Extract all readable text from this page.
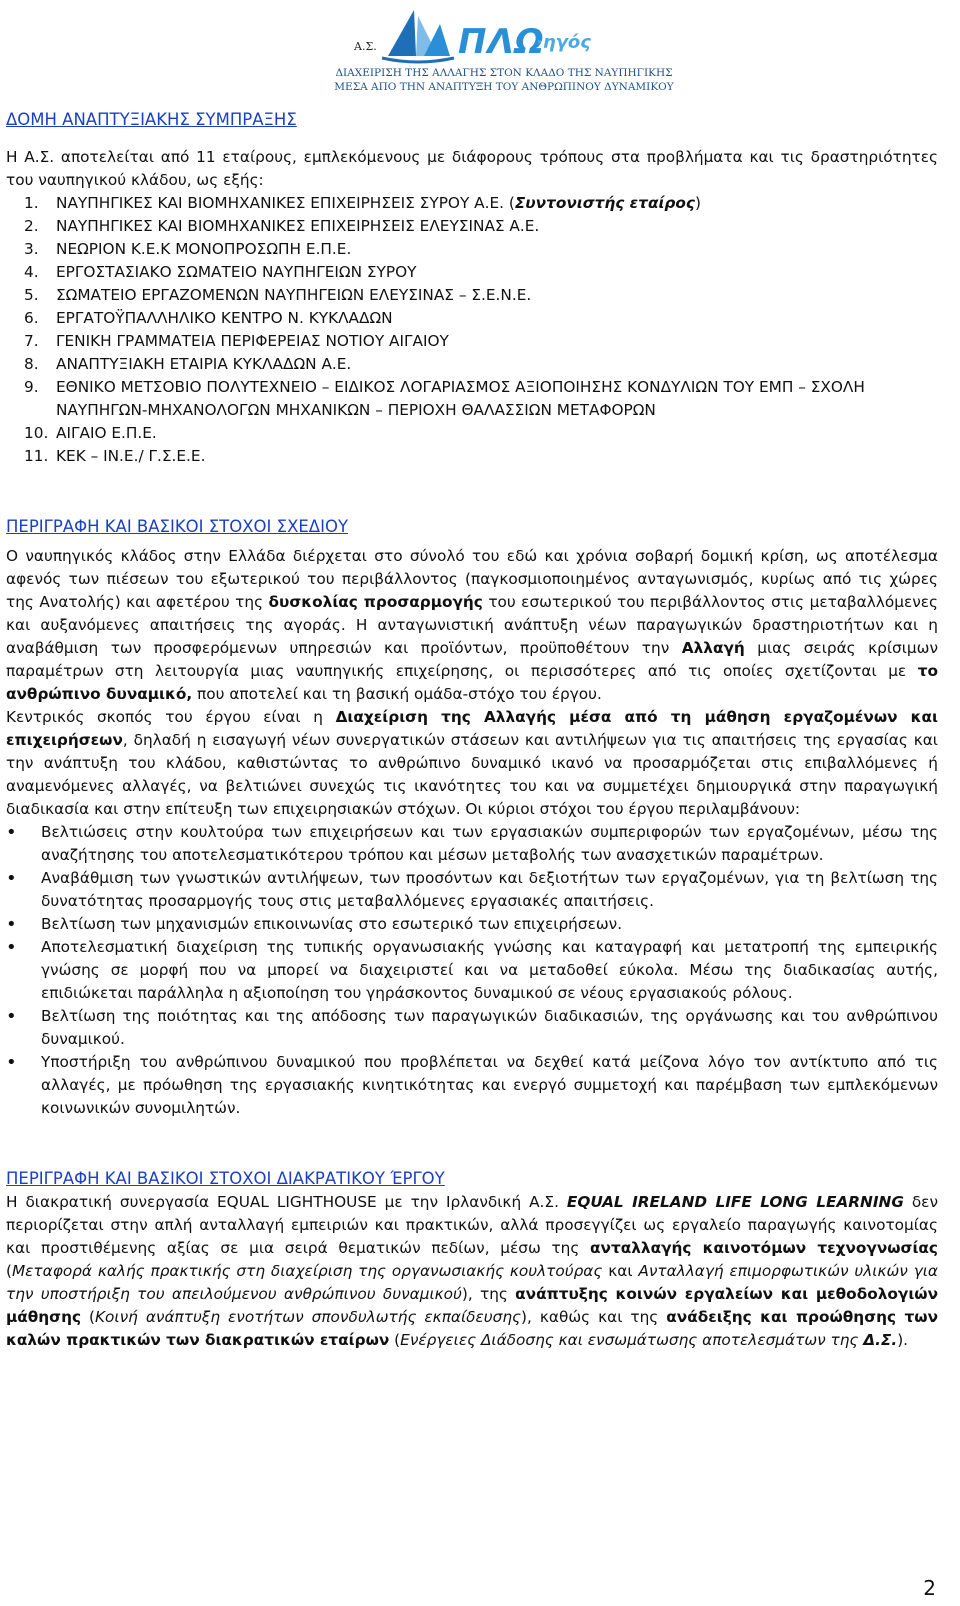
Α.Σ. ΠΛΩ
·ηγός
ΔΙΑΧΕΙΡΙΣΗ ΤΗΣ ΑΛΛΑΓΗΣ ΣΤΟΝ ΚΛΑΔΟ ΤΗΣ ΝΑΥΠΗΓΙΚΗΣ
ΜΕΣΑ ΑΠΟ ΤΗΝ ΑΝΑΠΤΥΞΗ ΤΟΥ ΑΝΘΡΩΠΙΝΟΥ ΔΥΝΑΜΙΚΟΥ
ΔΟΜΗ ΑΝΑΠΤΥΞΙΑΚΗΣ ΣΥΜΠΡΑΞΗΣ

Η Α.Σ. αποτελείται από 11 εταίρους, εμπλεκόμενους με διάφορους τρόπους στα προβλήματα και τις δραστηριότητες του ναυπηγικού κλάδου, ως εξής:

1.	ΝΑΥΠΗΓΙΚΕΣ ΚΑΙ ΒΙΟΜΗΧΑΝΙΚΕΣ ΕΠΙΧΕΙΡΗΣΕΙΣ ΣΥΡΟΥ Α.Ε. (Συντονιστής εταίρος)
2.	ΝΑΥΠΗΓΙΚΕΣ ΚΑΙ ΒΙΟΜΗΧΑΝΙΚΕΣ ΕΠΙΧΕΙΡΗΣΕΙΣ ΕΛΕΥΣΙΝΑΣ Α.Ε.
3.	ΝΕΩΡΙΟΝ Κ.Ε.Κ ΜΟΝΟΠΡΟΣΩΠΗ Ε.Π.Ε.
4.	ΕΡΓΟΣΤΑΣΙΑΚΟ ΣΩΜΑΤΕΙΟ ΝΑΥΠΗΓΕΙΩΝ ΣΥΡΟΥ
5.	ΣΩΜΑΤΕΙΟ ΕΡΓΑΖΟΜΕΝΩΝ ΝΑΥΠΗΓΕΙΩΝ ΕΛΕΥΣΙΝΑΣ – Σ.Ε.Ν.Ε.
6.	ΕΡΓΑΤΟΫΠΑΛΛΗΛΙΚΟ ΚΕΝΤΡΟ Ν. ΚΥΚΛΑΔΩΝ
7.	ΓΕΝΙΚΗ ΓΡΑΜΜΑΤΕΙΑ ΠΕΡΙΦΕΡΕΙΑΣ ΝΟΤΙΟΥ ΑΙΓΑΙΟΥ
8.	ΑΝΑΠΤΥΞΙΑΚΗ ΕΤΑΙΡΙΑ ΚΥΚΛΑΔΩΝ Α.Ε.
9.	ΕΘΝΙΚΟ ΜΕΤΣΟΒΙΟ ΠΟΛΥΤΕΧΝΕΙΟ – ΕΙΔΙΚΟΣ ΛΟΓΑΡΙΑΣΜΟΣ ΑΞΙΟΠΟΙΗΣΗΣ ΚΟΝΔΥΛΙΩΝ ΤΟΥ ΕΜΠ – ΣΧΟΛΗ ΝΑΥΠΗΓΩΝ-ΜΗΧΑΝΟΛΟΓΩΝ ΜΗΧΑΝΙΚΩΝ – ΠΕΡΙΟΧΗ ΘΑΛΑΣΣΙΩΝ ΜΕΤΑΦΟΡΩΝ
10. ΑΙΓΑΙΟ Ε.Π.Ε.
11. ΚΕΚ – ΙΝ.Ε./ Γ.Σ.Ε.Ε.
ΠΕΡΙΓΡΑΦΗ ΚΑΙ ΒΑΣΙΚΟΙ ΣΤΟΧΟΙ ΣΧΕΔΙΟΥ

Ο ναυπηγικός κλάδος στην Ελλάδα διέρχεται στο σύνολό του εδώ και χρόνια σοβαρή δομική κρίση, ως αποτέλεσμα αφενός των πιέσεων του εξωτερικού του περιβάλλοντος (παγκοσμιοποιημένος ανταγωνισμός, κυρίως από τις χώρες της Ανατολής) και αφετέρου της δυσκολίας προσαρμογής του εσωτερικού του περιβάλλοντος στις μεταβαλλόμενες και αυξανόμενες απαιτήσεις της αγοράς. Η ανταγωνιστική ανάπτυξη νέων παραγωγικών δραστηριοτήτων και η αναβάθμιση των προσφερόμενων υπηρεσιών και προϊόντων, προϋποθέτουν την Αλλαγή μιας σειράς κρίσιμων παραμέτρων στη λειτουργία μιας ναυπηγικής επιχείρησης, οι περισσότερες από τις οποίες σχετίζονται με το ανθρώπινο δυναμικό, που αποτελεί και τη βασική ομάδα-στόχο του έργου.

Κεντρικός σκοπός του έργου είναι η Διαχείριση της Αλλαγής μέσα από τη μάθηση εργαζομένων και επιχειρήσεων, δηλαδή η εισαγωγή νέων συνεργατικών στάσεων και αντιλήψεων για τις απαιτήσεις της εργασίας και την ανάπτυξη του κλάδου, καθιστώντας το ανθρώπινο δυναμικό ικανό να προσαρμόζεται στις επιβαλλόμενες ή αναμενόμενες αλλαγές, να βελτιώνει συνεχώς τις ικανότητες του και να συμμετέχει δημιουργικά στην παραγωγική διαδικασία και στην επίτευξη των επιχειρησιακών στόχων. Οι κύριοι στόχοι του έργου περιλαμβάνουν:

•	Βελτιώσεις στην κουλτούρα των επιχειρήσεων και των εργασιακών συμπεριφορών των εργαζομένων, μέσω της αναζήτησης του αποτελεσματικότερου τρόπου και μέσων μεταβολής των ανασχετικών παραμέτρων.
•	Αναβάθμιση των γνωστικών αντιλήψεων, των προσόντων και δεξιοτήτων των εργαζομένων, για τη βελτίωση της δυνατότητας προσαρμογής τους στις μεταβαλλόμενες εργασιακές απαιτήσεις.
•	Βελτίωση των μηχανισμών επικοινωνίας στο εσωτερικό των επιχειρήσεων.
•	Αποτελεσματική διαχείριση της τυπικής οργανωσιακής γνώσης και καταγραφή και μετατροπή της εμπειρικής γνώσης σε μορφή που να μπορεί να διαχειριστεί και να μεταδοθεί εύκολα. Μέσω της διαδικασίας αυτής, επιδιώκεται παράλληλα η αξιοποίηση του γηράσκοντος δυναμικού σε νέους εργασιακούς ρόλους.
•	Βελτίωση της ποιότητας και της απόδοσης των παραγωγικών διαδικασιών, της οργάνωσης και του ανθρώπινου δυναμικού.
•	Υποστήριξη του ανθρώπινου δυναμικού που προβλέπεται να δεχθεί κατά μείζονα λόγο τον αντίκτυπο από τις αλλαγές, με πρόωθηση της εργασιακής κινητικότητας και ενεργό συμμετοχή και παρέμβαση των εμπλεκόμενων κοινωνικών συνομιλητών.
ΠΕΡΙΓΡΑΦΗ ΚΑΙ ΒΑΣΙΚΟΙ ΣΤΟΧΟΙ ΔΙΑΚΡΑΤΙΚΟΥ ΈΡΓΟΥ

Η διακρατική συνεργασία EQUAL LIGHTHOUSE με την Ιρλανδική Α.Σ. EQUAL IRELAND LIFE LONG LEARNING δεν περιορίζεται στην απλή ανταλλαγή εμπειριών και πρακτικών, αλλά προσεγγίζει ως εργαλείο παραγωγής καινοτομίας και προστιθέμενης αξίας σε μια σειρά θεματικών πεδίων, μέσω της ανταλλαγής καινοτόμων τεχνογνωσίας (Μεταφορά καλής πρακτικής στη διαχείριση της οργανωσιακής κουλτούρας και Ανταλλαγή επιμορφωτικών υλικών για την υποστήριξη του απειλούμενου ανθρώπινου δυναμικού), της ανάπτυξης κοινών εργαλείων και μεθοδολογιών μάθησης (Κοινή ανάπτυξη ενοτήτων σπονδυλωτής εκπαίδευσης), καθώς και της ανάδειξης και προώθησης των καλών πρακτικών των διακρατικών εταίρων (Ενέργειες Διάδοσης και ενσωμάτωσης αποτελεσμάτων της Δ.Σ.).

2
